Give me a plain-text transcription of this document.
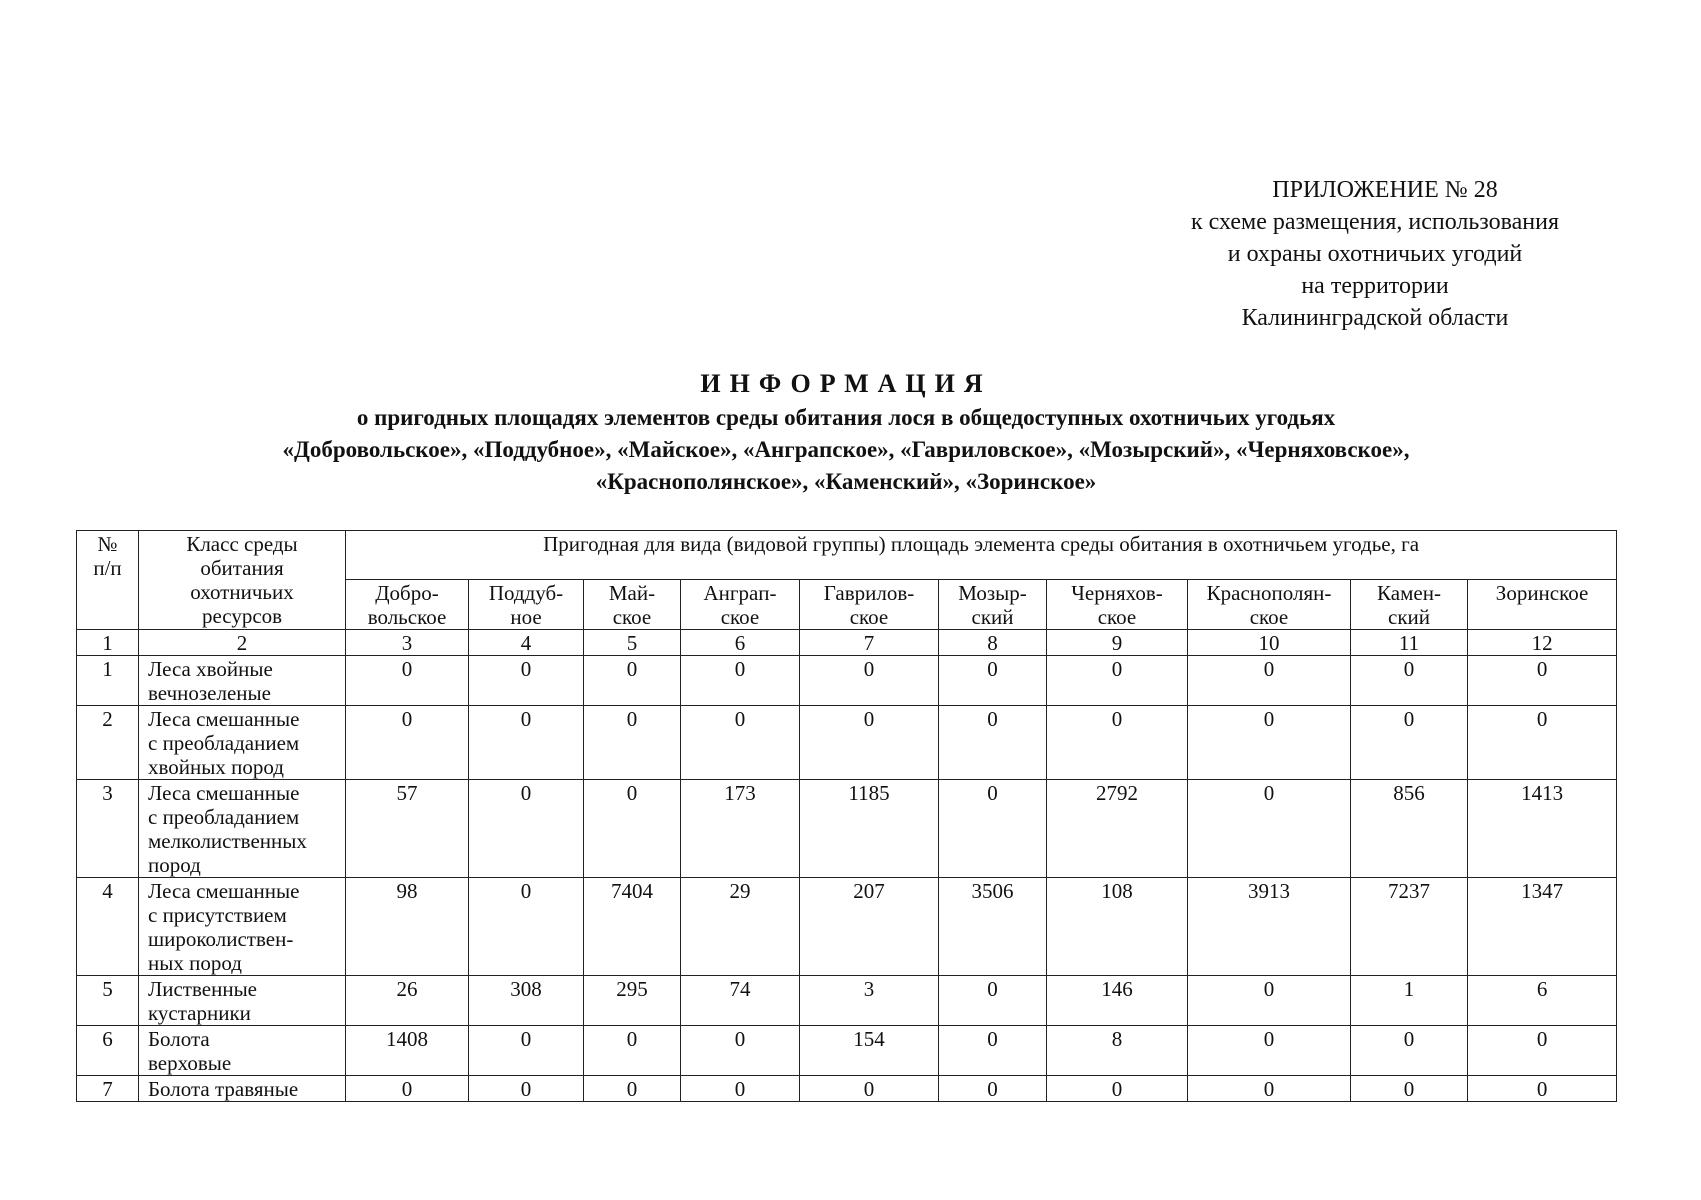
ПРИЛОЖЕНИЕ № 28
к схеме размещения, использования
и охраны охотничьих угодий
на территории
Калининградской области
ИНФОРМАЦИЯ
о пригодных площадях элементов среды обитания лося в общедоступных охотничьих угодьях
«Добровольское», «Поддубное», «Майское», «Ангрaпское», «Гавриловское», «Мозырский», «Черняховское»,
«Краснополянское», «Каменский», «Зоринское»
№
п/п	Класс среды
обитания
охотничьих
ресурсов	Пригодная для вида (видовой группы) площадь элемента среды обитания в охотничьем угодье, га									

		Добро-
вольское	Поддуб-
ное	Май-
ское	Ангрaп-
ское	Гаврилов-
ское	Мозыр-
ский	Черняхов-
ское	Краснополян-
ское	Камен-
ский	Зоринское

1	2	3	4	5	6	7	8	9	10	11	12
1	Леса хвойные
вечнозеленые	0	0	0	0	0	0	0	0	0	0
2	Леса смешанные
с преобладанием
хвойных пород	0	0	0	0	0	0	0	0	0	0
3	Леса смешанные
с преобладанием
мелколиственных
пород	57	0	0	173	1185	0	2792	0	856	1413
4	Леса смешанные
с присутствием
широколиствен-
ных пород	98	0	7404	29	207	3506	108	3913	7237	1347
5	Лиственные
кустарники	26	308	295	74	3	0	146	0	1	6
6	Болота
верховые	1408	0	0	0	154	0	8	0	0	0
7	Болота травяные	0	0	0	0	0	0	0	0	0	0
